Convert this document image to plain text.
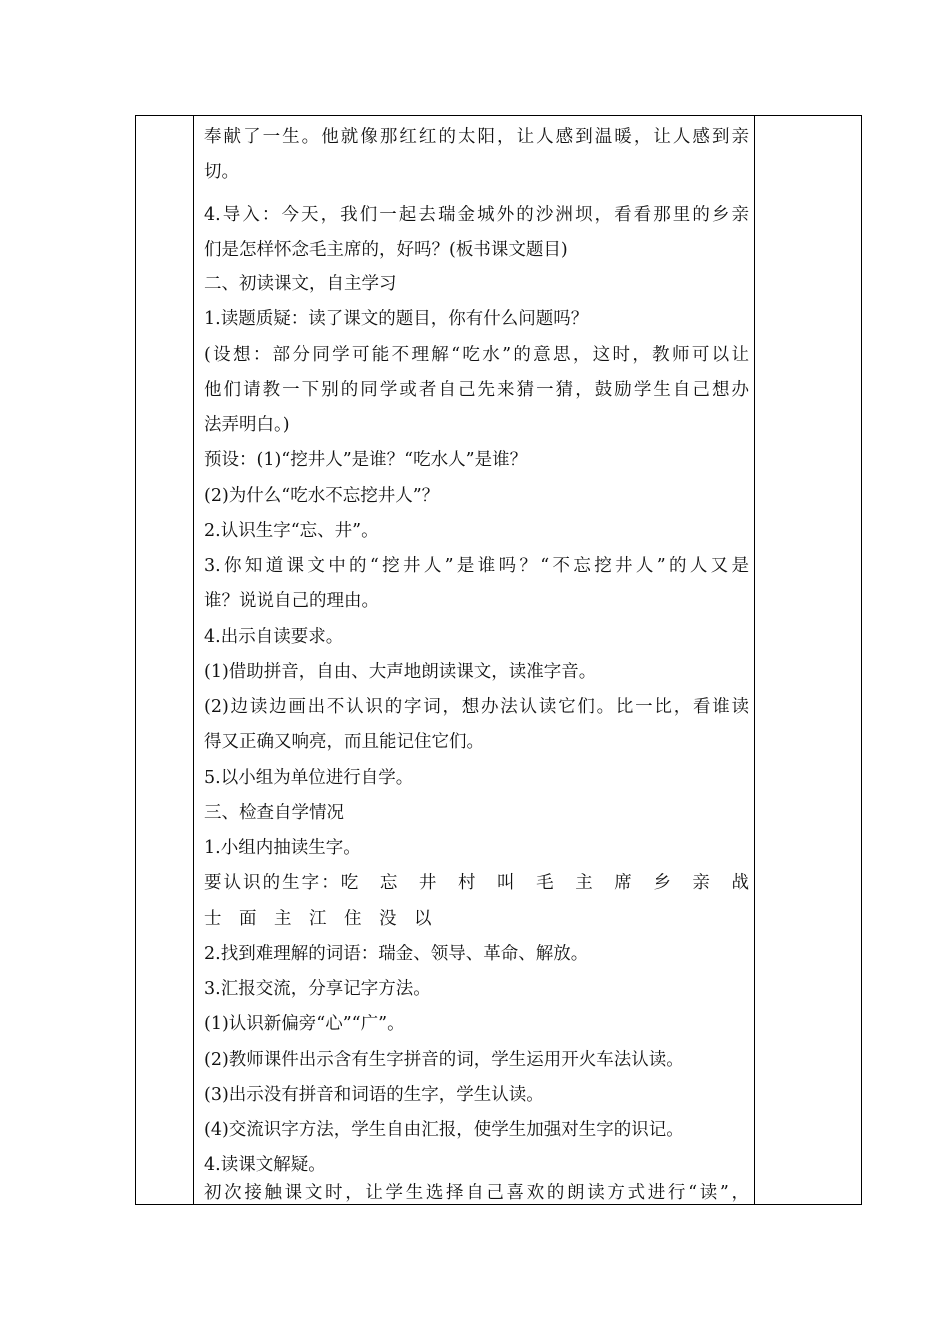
奉献了一生。他就像那红红的太阳，让人感到温暖，让人感到亲
切。
4.导入：今天，我们一起去瑞金城外的沙洲坝，看看那里的乡亲
们是怎样怀念毛主席的，好吗？(板书课文题目)
二、初读课文，自主学习
1.读题质疑：读了课文的题目，你有什么问题吗？
(设想：部分同学可能不理解“吃水”的意思，这时，教师可以让
他们请教一下别的同学或者自己先来猜一猜，鼓励学生自己想办
法弄明白。)
预设：(1)“挖井人”是谁？“吃水人”是谁？
(2)为什么“吃水不忘挖井人”？
2.认识生字“忘、井”。
3.你知道课文中的“挖井人”是谁吗？“不忘挖井人”的人又是
谁？说说自己的理由。
4.出示自读要求。
(1)借助拼音，自由、大声地朗读课文，读准字音。
(2)边读边画出不认识的字词，想办法认读它们。比一比，看谁读
得又正确又响亮，而且能记住它们。
5.以小组为单位进行自学。
三、检查自学情况
1.小组内抽读生字。
要认识的生字：吃　忘　井　村　叫　毛　主　席　乡　亲　战
士　面　主　江　住　没　以
2.找到难理解的词语：瑞金、领导、革命、解放。
3.汇报交流，分享记字方法。
(1)认识新偏旁“心”“广”。
(2)教师课件出示含有生字拼音的词，学生运用开火车法认读。
(3)出示没有拼音和词语的生字，学生认读。
(4)交流识字方法，学生自由汇报，使学生加强对生字的识记。
4.读课文解疑。
初次接触课文时，让学生选择自己喜欢的朗读方式进行“读”，
